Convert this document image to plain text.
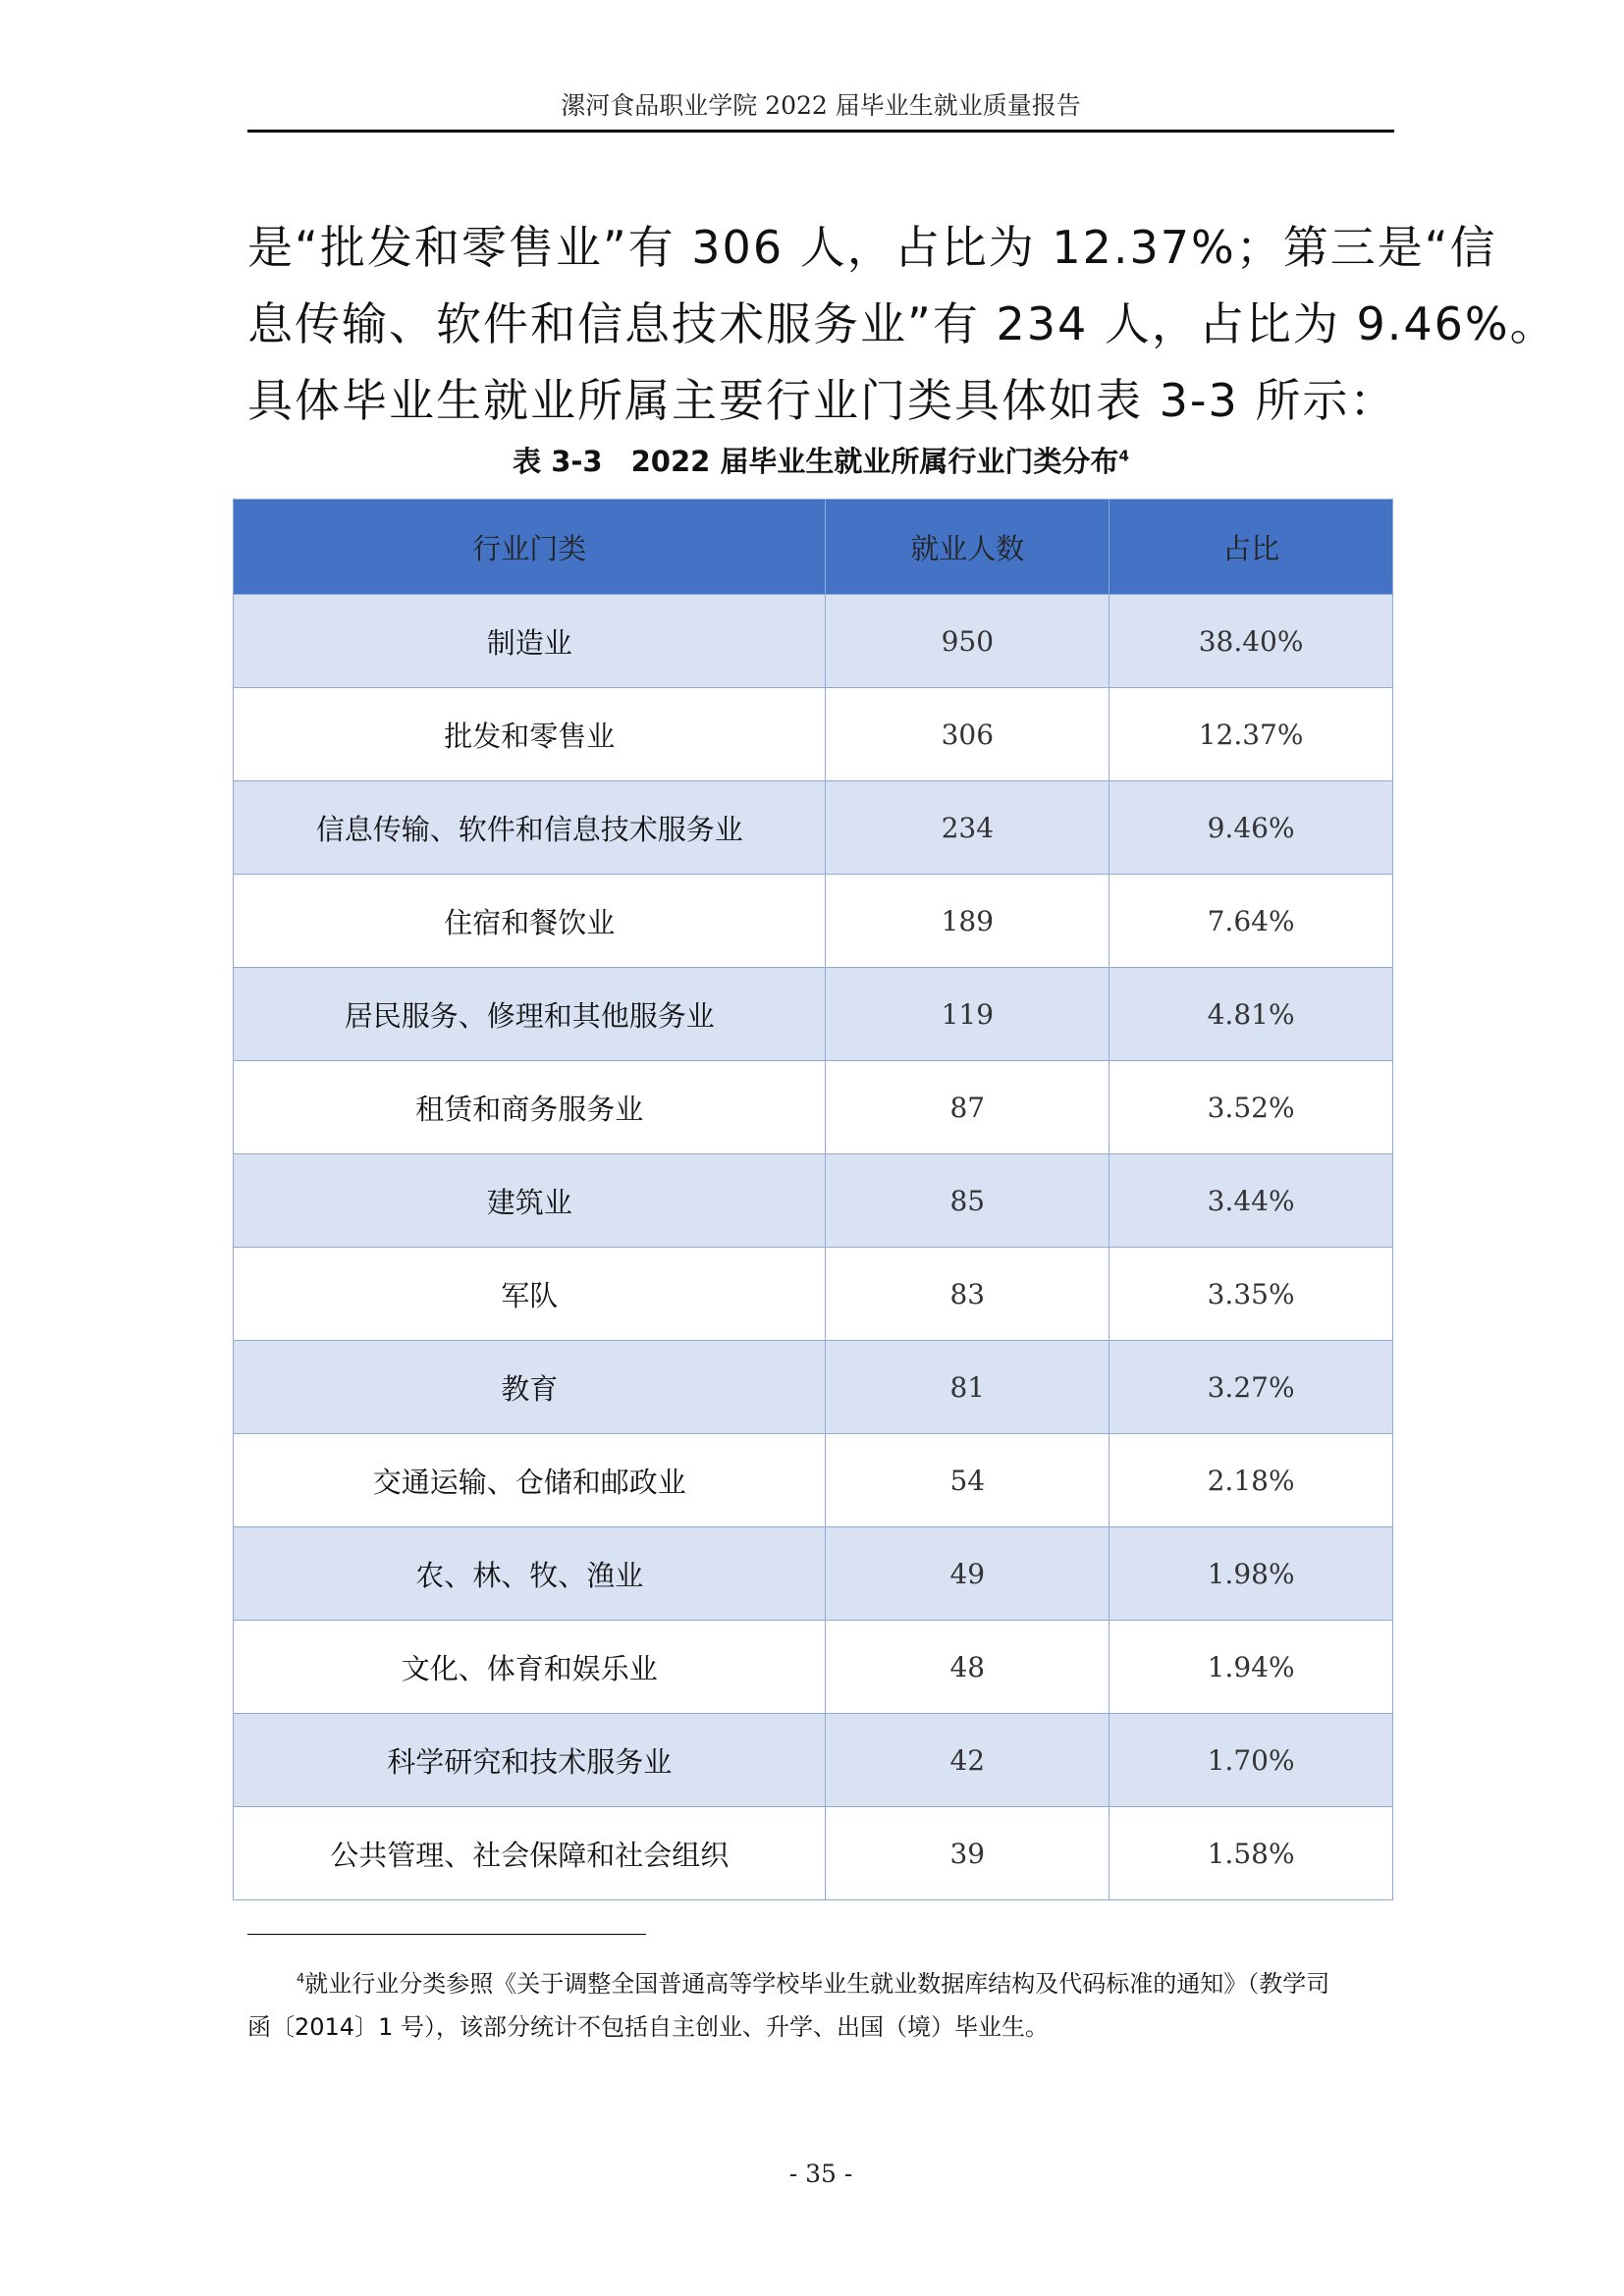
漯河食品职业学院 2022 届毕业生就业质量报告

是“批发和零售业”有 306 人，占比为 12.37%；第三是“信

息传输、软件和信息技术服务业”有 234 人，占比为 9.46%。

具体毕业生就业所属主要行业门类具体如表 3-3 所示：

表 3-3　2022 届毕业生就业所属行业门类分布$^4$
行业门类	就业人数	占比
制造业	950	38.40%
批发和零售业	306	12.37%
信息传输、软件和信息技术服务业	234	9.46%
住宿和餐饮业	189	7.64%
居民服务、修理和其他服务业	119	4.81%
租赁和商务服务业	87	3.52%
建筑业	85	3.44%
军队	83	3.35%
教育	81	3.27%
交通运输、仓储和邮政业	54	2.18%
农、林、牧、渔业	49	1.98%
文化、体育和娱乐业	48	1.94%
科学研究和技术服务业	42	1.70%
公共管理、社会保障和社会组织	39	1.58%
$^4$就业行业分类参照《关于调整全国普通高等学校毕业生就业数据库结构及代码标准的通知》（教学司
函〔2014〕1 号），该部分统计不包括自主创业、升学、出国（境）毕业生。
- 35 -
